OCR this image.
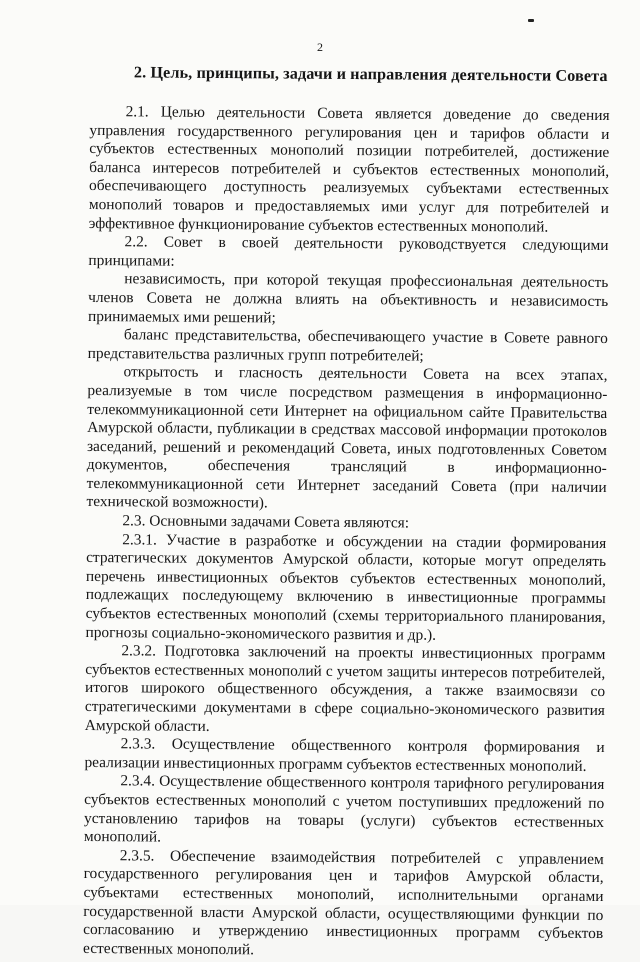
2
2. Цель, принципы, задачи и направления деятельности Совета

2.1. Целью деятельности Совета является доведение до сведения управления государственного регулирования цен и тарифов области и субъектов естественных монополий позиции потребителей, достижение баланса интересов потребителей и субъектов естественных монополий, обеспечивающего доступность реализуемых субъектами естественных монополий товаров и предоставляемых ими услуг для потребителей и эффективное функционирование субъектов естественных монополий.

2.2. Совет в своей деятельности руководствуется следующими принципами:

независимость, при которой текущая профессиональная деятельность членов Совета не должна влиять на объективность и независимость принимаемых ими решений;

баланс представительства, обеспечивающего участие в Совете равного представительства различных групп потребителей;

открытость и гласность деятельности Совета на всех этапах, реализуемые в том числе посредством размещения в информационно-телекоммуникационной сети Интернет на официальном сайте Правительства Амурской области, публикации в средствах массовой информации протоколов заседаний, решений и рекомендаций Совета, иных подготовленных Советом документов, обеспечения трансляций в информационно-телекоммуникационной сети Интернет заседаний Совета (при наличии технической возможности).

2.3. Основными задачами Совета являются:

2.3.1. Участие в разработке и обсуждении на стадии формирования стратегических документов Амурской области, которые могут определять перечень инвестиционных объектов субъектов естественных монополий, подлежащих последующему включению в инвестиционные программы субъектов естественных монополий (схемы территориального планирования, прогнозы социально-экономического развития и др.).

2.3.2. Подготовка заключений на проекты инвестиционных программ субъектов естественных монополий с учетом защиты интересов потребителей, итогов широкого общественного обсуждения, а также взаимосвязи со стратегическими документами в сфере социально-экономического развития Амурской области.

2.3.3. Осуществление общественного контроля формирования и реализации инвестиционных программ субъектов естественных монополий.

2.3.4. Осуществление общественного контроля тарифного регулирования субъектов естественных монополий с учетом поступивших предложений по установлению тарифов на товары (услуги) субъектов естественных монополий.

2.3.5. Обеспечение взаимодействия потребителей с управлением государственного регулирования цен и тарифов Амурской области, субъектами естественных монополий, исполнительными органами государственной власти Амурской области, осуществляющими функции по согласованию и утверждению инвестиционных программ субъектов естественных монополий.
